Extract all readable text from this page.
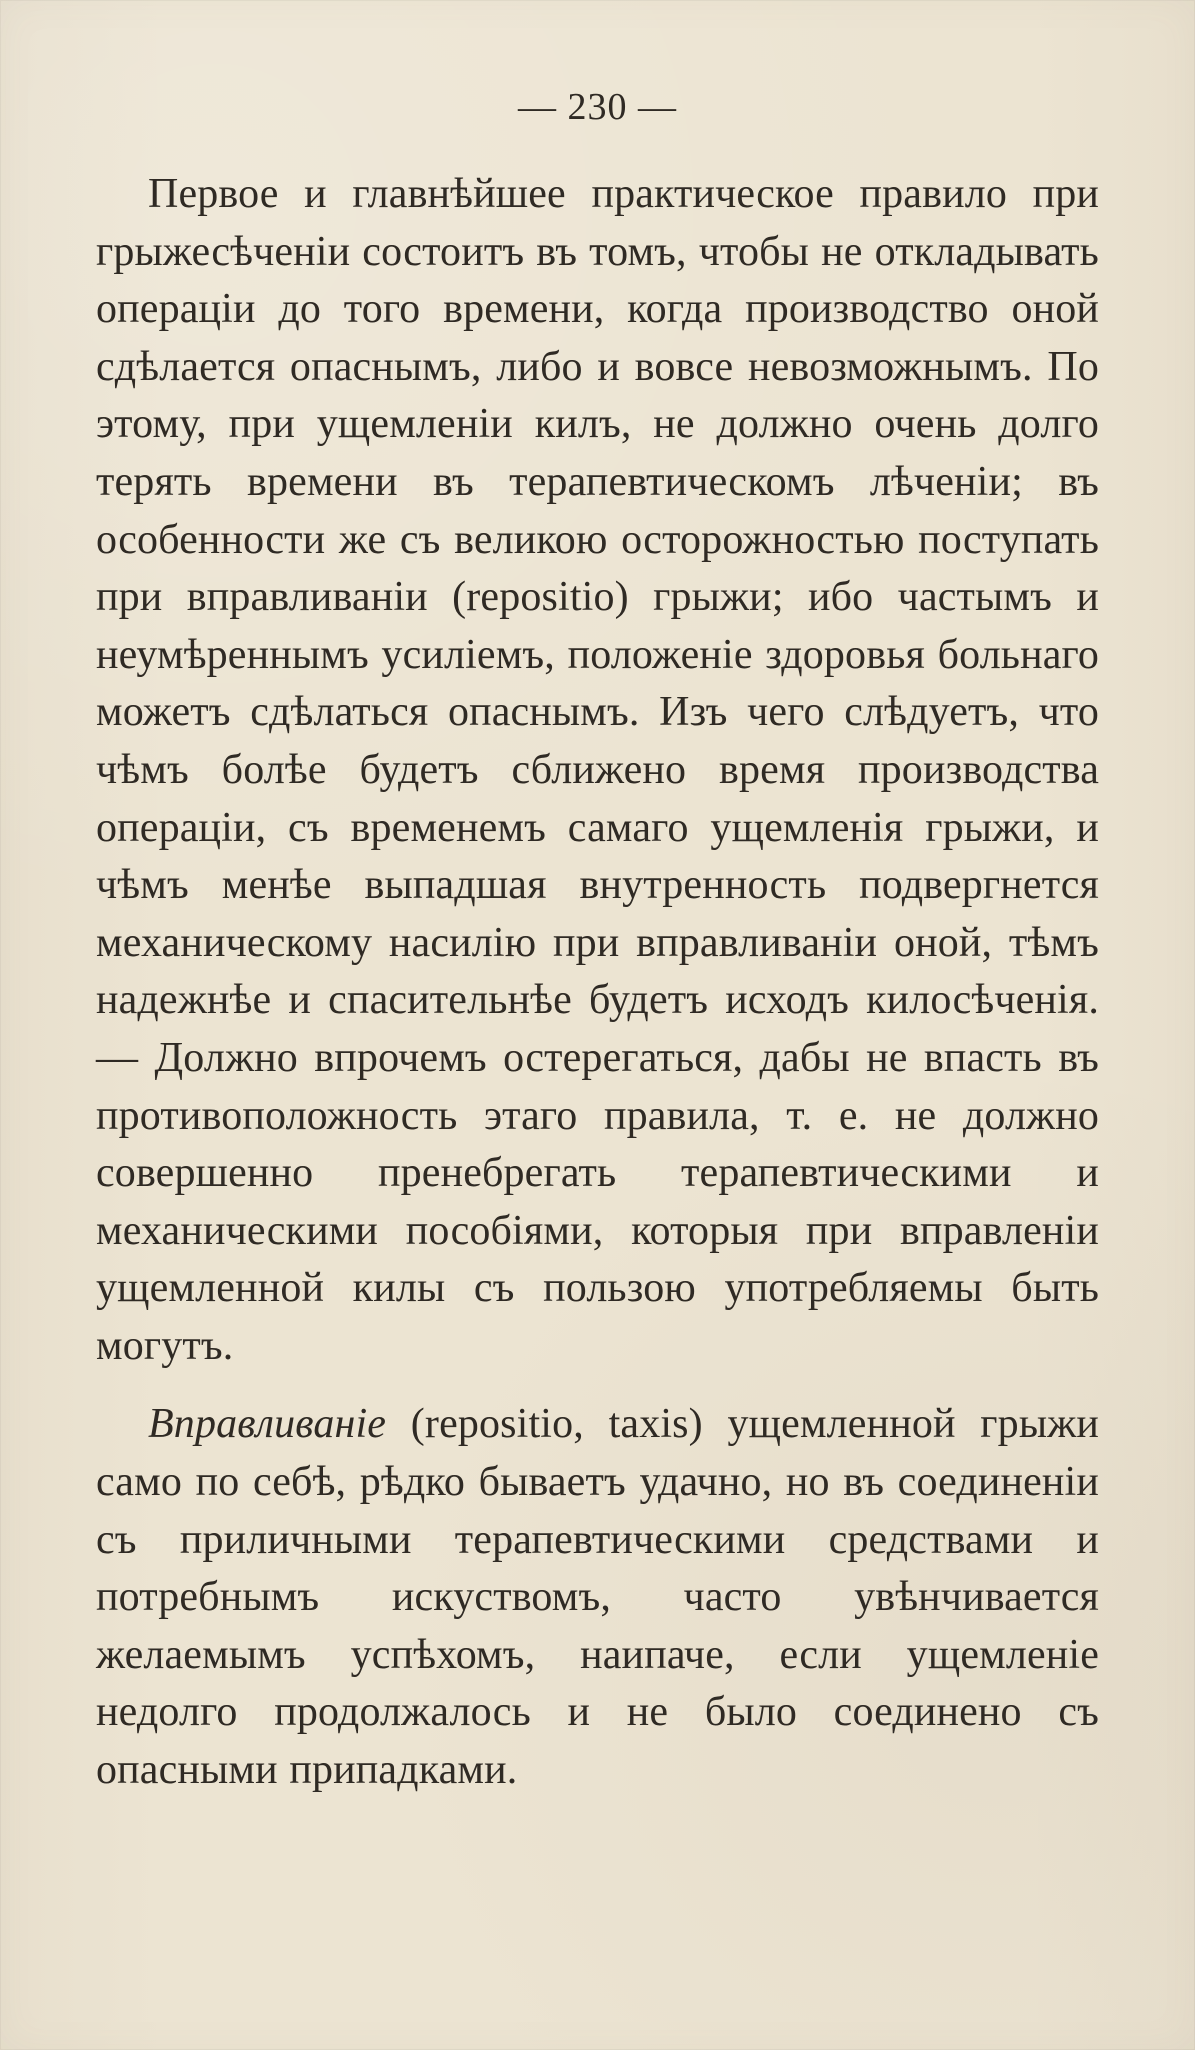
— 230 —

Первое и главнѣйшее практическое правило при грыжесѣченіи состоитъ въ томъ, чтобы не откладывать операціи до того времени, когда производство оной сдѣлается опаснымъ, либо и вовсе невозможнымъ. По этому, при ущемленіи килъ, не должно очень долго терять времени въ терапевтическомъ лѣченіи; въ особенности же съ великою осторожностью поступать при вправливаніи (repositio) грыжи; ибо частымъ и неумѣреннымъ усиліемъ, положеніе здоровья больнаго можетъ сдѣлаться опаснымъ. Изъ чего слѣдуетъ, что чѣмъ болѣе будетъ сближено время производства операціи, съ временемъ самаго ущемленія грыжи, и чѣмъ менѣе выпадшая внутренность подвергнется механическому насилію при вправливаніи оной, тѣмъ надежнѣе и спасительнѣе будетъ исходъ килосѣченія. — Должно впрочемъ остерегаться, дабы не впасть въ противоположность этаго правила, т. е. не должно совершенно пренебрегать терапевтическими и механическими пособіями, которыя при вправленіи ущемленной килы съ пользою употребляемы быть могутъ.

Вправливаніе (repositio, taxis) ущемленной грыжи само по себѣ, рѣдко бываетъ удачно, но въ соединеніи съ приличными терапевтическими средствами и потребнымъ искуствомъ, часто увѣнчивается желаемымъ успѣхомъ, наипаче, если ущемленіе недолго продолжалось и не было соединено съ опасными припадками.
